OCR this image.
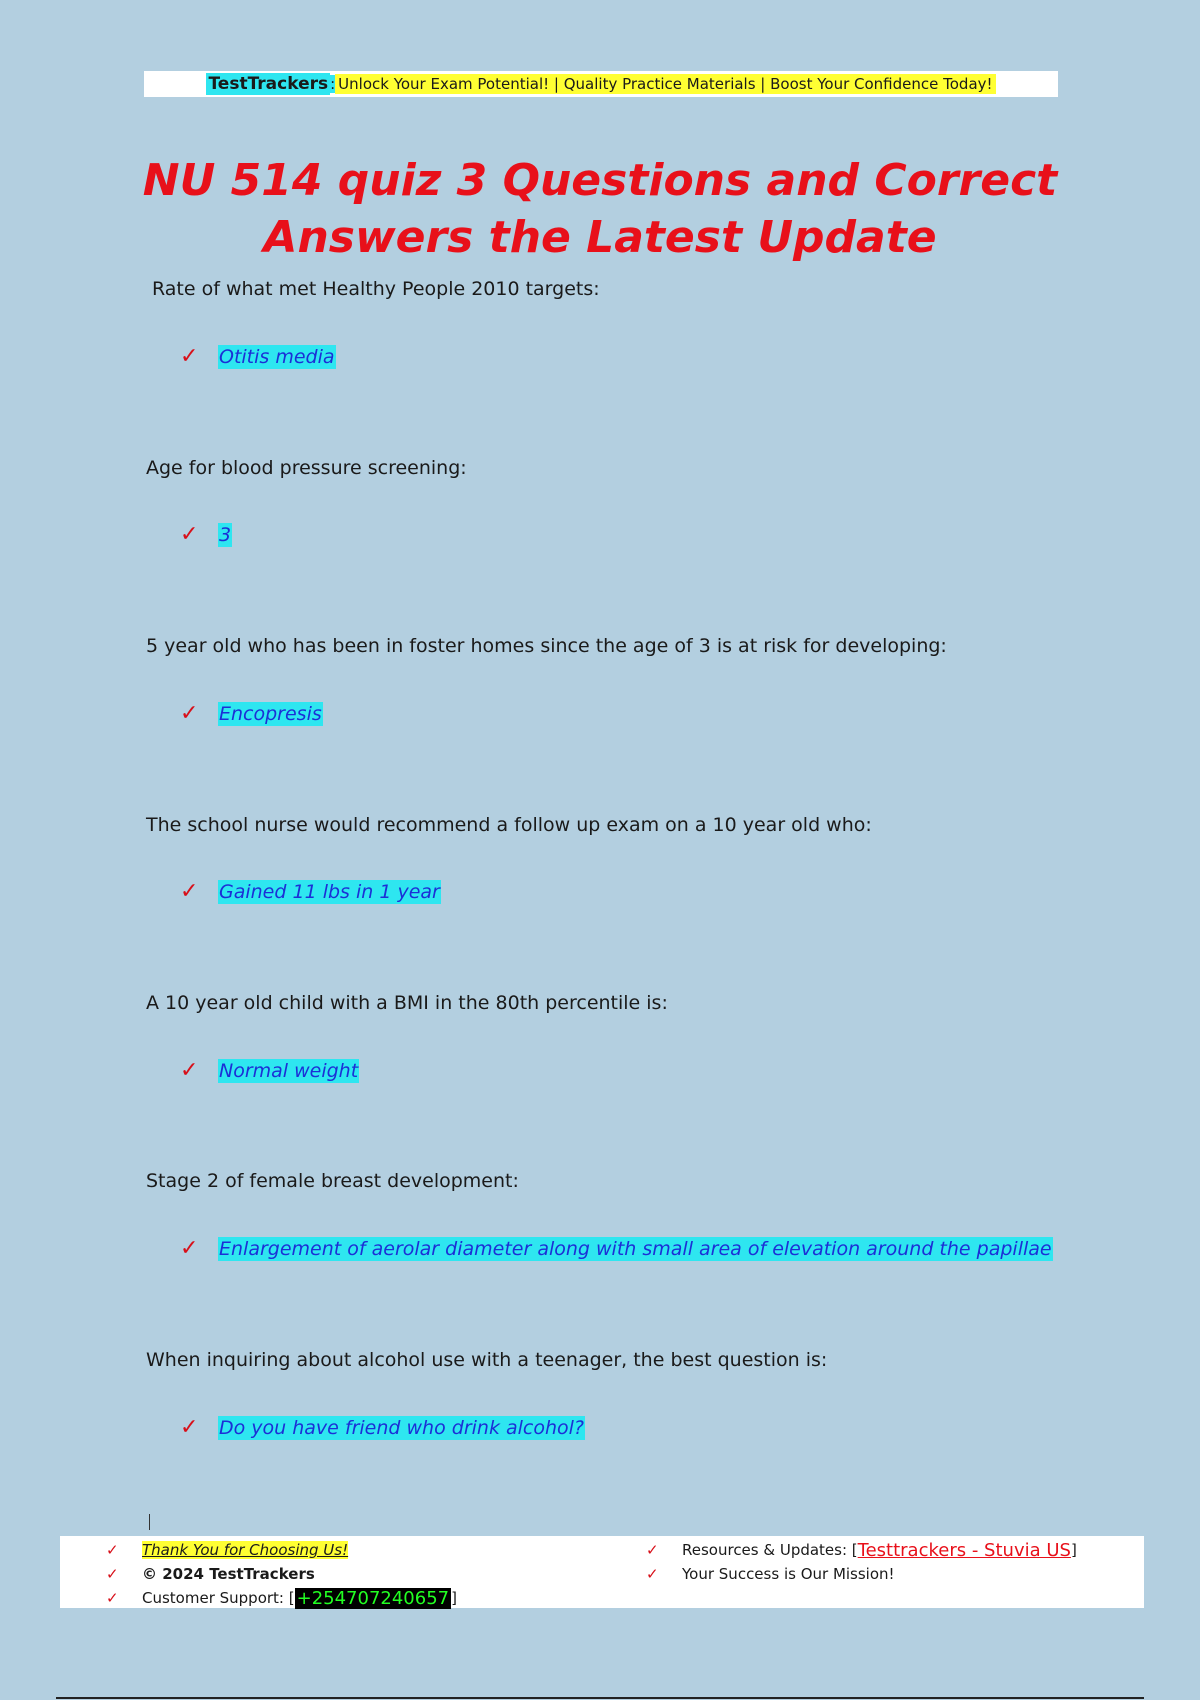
TestTrackers : Unlock Your Exam Potential! | Quality Practice Materials | Boost Your Confidence Today!
NU 514 quiz 3 Questions and Correct
Answers the Latest Update
Rate of what met Healthy People 2010 targets:
✓	Otitis media
Age for blood pressure screening:
✓	3
5 year old who has been in foster homes since the age of 3 is at risk for developing:
✓	Encopresis
The school nurse would recommend a follow up exam on a 10 year old who:
✓	Gained 11 lbs in 1 year
A 10 year old child with a BMI in the 80th percentile is:
✓	Normal weight
Stage 2 of female breast development:
✓	Enlargement of aerolar diameter along with small area of elevation around the papillae
When inquiring about alcohol use with a teenager, the best question is:
✓	Do you have friend who drink alcohol?
✓	Thank You for Choosing Us!
✓	© 2024 TestTrackers
✓	Customer Support: [ +254707240657 ]
✓	Resources & Updates: [ Testtrackers - Stuvia US ]
✓	Your Success is Our Mission!
